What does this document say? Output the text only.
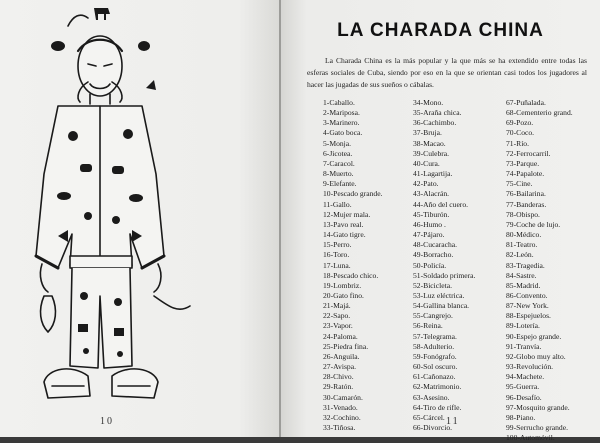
10
LA CHARADA CHINA

La Charada China es la más popular y la que más se ha extendido entre todas las esferas sociales de Cuba, siendo por eso en la que se orientan casi todos los jugadores al hacer las jugadas de sus sueños o cábalas.

1-Caballo.
2-Mariposa.
3-Marinero.
4-Gato boca.
5-Monja.
6-Jicotea.
7-Caracol.
8-Muerto.
9-Elefante.
10-Pescado grande.
11-Gallo.
12-Mujer mala.
13-Pavo real.
14-Gato tigre.
15-Perro.
16-Toro.
17-Luna.
18-Pescado chico.
19-Lombriz.
20-Gato fino.
21-Majá.
22-Sapo.
23-Vapor.
24-Paloma.
25-Piedra fina.
26-Anguila.
27-Avispa.
28-Chivo.
29-Ratón.
30-Camarón.
31-Venado.
32-Cochino.
33-Tiñosa.
34-Mono.
35-Araña chica.
36-Cachimbo.
37-Bruja.
38-Macao.
39-Culebra.
40-Cura.
41-Lagartija.
42-Pato.
43-Alacrán.
44-Año del cuero.
45-Tiburón.
46-Humo .
47-Pájaro.
48-Cucaracha.
49-Borracho.
50-Policía.
51-Soldado primera.
52-Bicicleta.
53-Luz eléctrica.
54-Gallina blanca.
55-Cangrejo.
56-Reina.
57-Telegrama.
58-Adulterio.
59-Fonógrafo.
60-Sol oscuro.
61-Cañonazo.
62-Matrimonio.
63-Asesino.
64-Tiro de rifle.
65-Cárcel.
66-Divorcio.
67-Puñalada.
68-Cementerio grand.
69-Pozo.
70-Coco.
71-Río.
72-Ferrocarril.
73-Parque.
74-Papalote.
75-Cine.
76-Bailarina.
77-Banderas.
78-Obispo.
79-Coche de lujo.
80-Médico.
81-Teatro.
82-León.
83-Tragedia.
84-Sastre.
85-Madrid.
86-Convento.
87-New York.
88-Espejuelos.
89-Lotería.
90-Espejo grande.
91-Tranvía.
92-Globo muy alto.
93-Revolución.
94-Machete.
95-Guerra.
96-Desafío.
97-Mosquito grande.
98-Piano.
99-Serrucho grande.
100-Automóvil.
11
